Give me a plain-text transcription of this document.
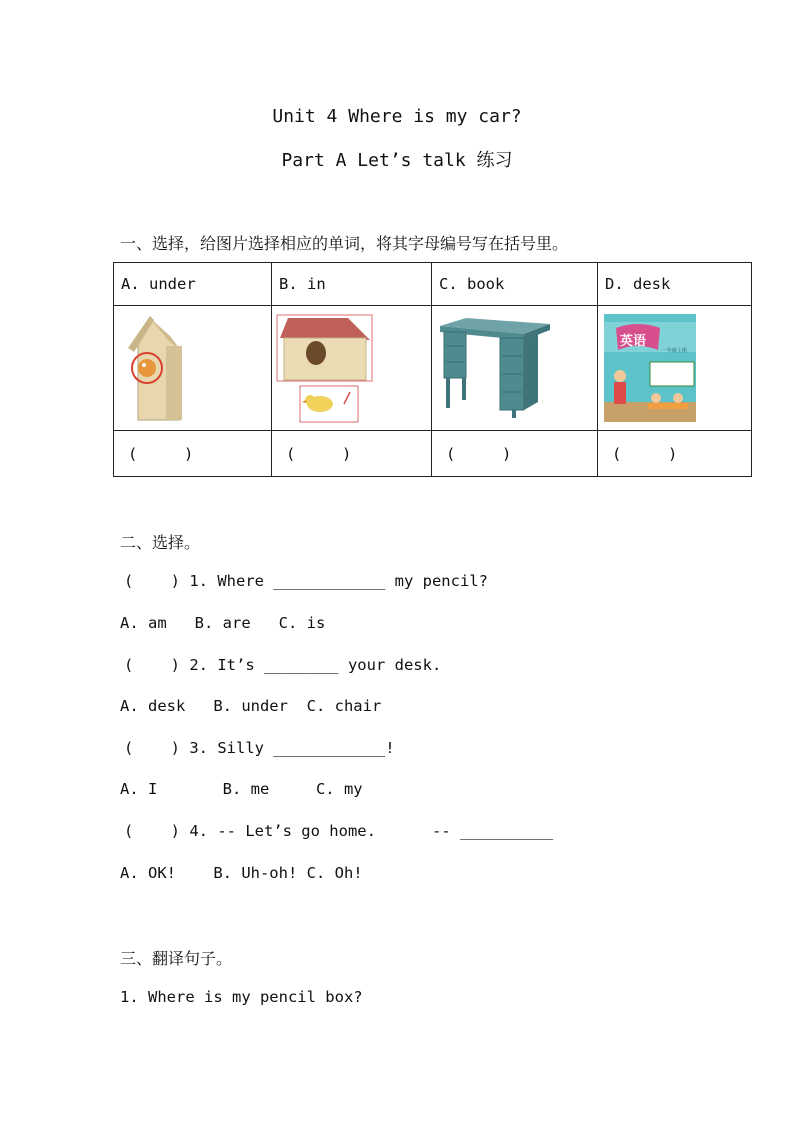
Unit 4 Where is my car?
Part A Let’s talk 练习
一、选择，给图片选择相应的单词，将其字母编号写在括号里。
A. under	B. in	C. book	D. desk

英语
一年级上册

(     )	(     )	(     )	(     )
二、选择。
(    ) 1. Where ____________ my pencil?
A. am   B. are   C. is
(    ) 2. It’s ________ your desk.
A. desk   B. under  C. chair
(    ) 3. Silly ____________!
A. I       B. me     C. my
(    ) 4. -- Let’s go home.      -- __________
A. OK!    B. Uh-oh! C. Oh!
三、翻译句子。
1. Where is my pencil box?
